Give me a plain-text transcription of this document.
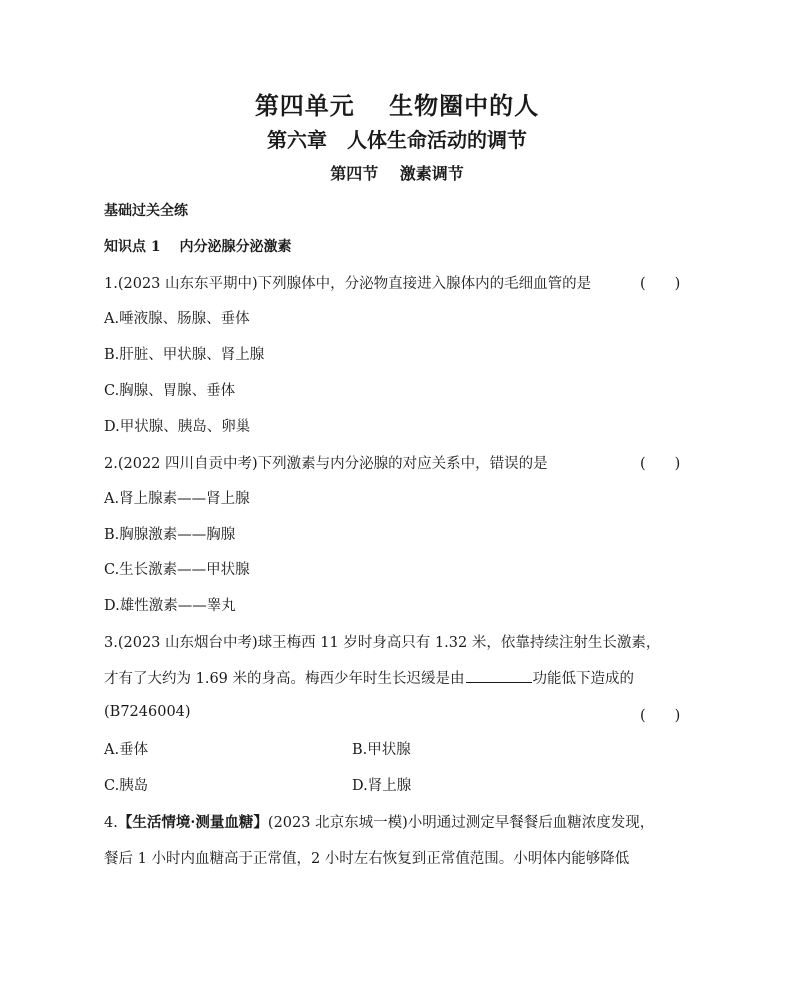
第四单元　 生物圈中的人
第六章　人体生命活动的调节
第四节　 激素调节
基础过关全练
知识点 1　 内分泌腺分泌激素
1.(2023 山东东平期中)下列腺体中，分泌物直接进入腺体内的毛细血管的是	(　　)
A.唾液腺、肠腺、垂体
B.肝脏、甲状腺、肾上腺
C.胸腺、胃腺、垂体
D.甲状腺、胰岛、卵巢
2.(2022 四川自贡中考)下列激素与内分泌腺的对应关系中，错误的是	(　　)
A.肾上腺素——肾上腺
B.胸腺激素——胸腺
C.生长激素——甲状腺
D.雄性激素——睾丸
3.(2023 山东烟台中考)球王梅西 11 岁时身高只有 1.32 米，依靠持续注射生长激素，
才有了大约为 1.69 米的身高。梅西少年时生长迟缓是由	功能低下造成的
(B7246004)	(　　)
A.垂体	B.甲状腺
C.胰岛	D.肾上腺
4.【生活情境·测量血糖】(2023 北京东城一模)小明通过测定早餐餐后血糖浓度发现，
餐后 1 小时内血糖高于正常值，2 小时左右恢复到正常值范围。小明体内能够降低
